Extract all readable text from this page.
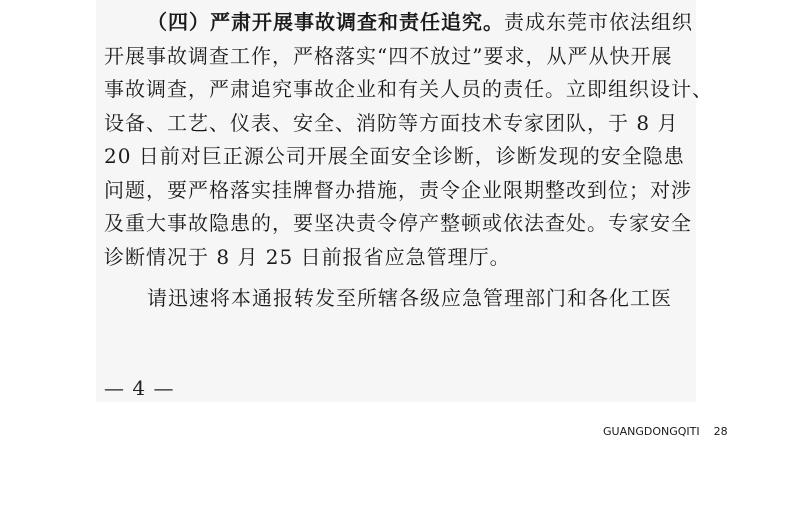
（四）严肃开展事故调查和责任追究。责成东莞市依法组织
开展事故调查工作，严格落实“四不放过”要求，从严从快开展
事故调查，严肃追究事故企业和有关人员的责任。立即组织设计、
设备、工艺、仪表、安全、消防等方面技术专家团队，于 8 月
20 日前对巨正源公司开展全面安全诊断，诊断发现的安全隐患
问题，要严格落实挂牌督办措施，责令企业限期整改到位；对涉
及重大事故隐患的，要坚决责令停产整顿或依法查处。专家安全
诊断情况于 8 月 25 日前报省应急管理厅。
请迅速将本通报转发至所辖各级应急管理部门和各化工医
— 4 —
GUANGDONGQITI 28
